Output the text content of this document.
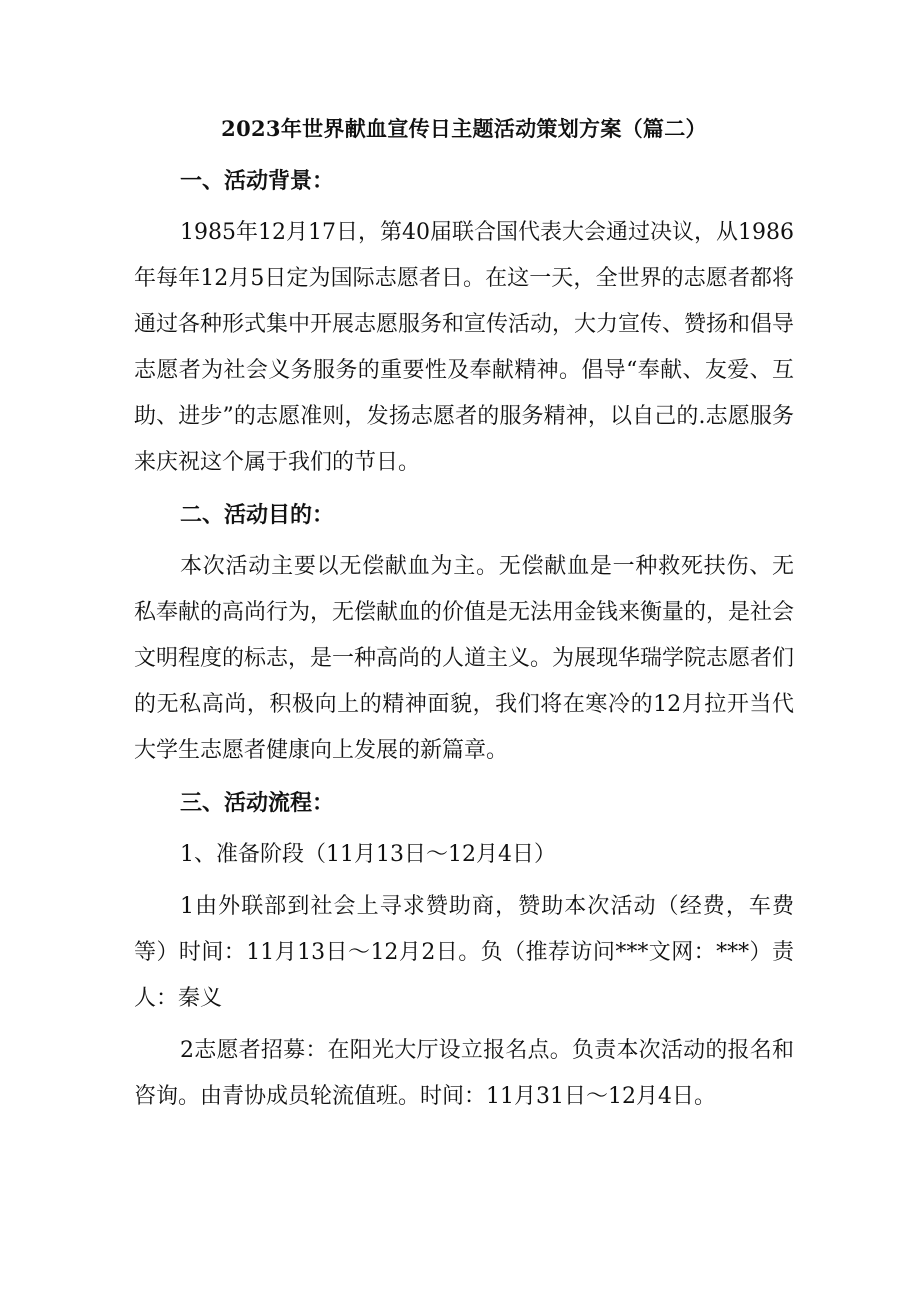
2023年世界献血宣传日主题活动策划方案（篇二）
一、活动背景：
1985年12月17日，第40届联合国代表大会通过决议，从1986年每年12月5日定为国际志愿者日。在这一天，全世界的志愿者都将通过各种形式集中开展志愿服务和宣传活动，大力宣传、赞扬和倡导志愿者为社会义务服务的重要性及奉献精神。倡导“奉献、友爱、互助、进步”的志愿准则，发扬志愿者的服务精神，以自己的.志愿服务来庆祝这个属于我们的节日。
二、活动目的：
本次活动主要以无偿献血为主。无偿献血是一种救死扶伤、无私奉献的高尚行为，无偿献血的价值是无法用金钱来衡量的，是社会文明程度的标志，是一种高尚的人道主义。为展现华瑞学院志愿者们的无私高尚，积极向上的精神面貌，我们将在寒冷的12月拉开当代大学生志愿者健康向上发展的新篇章。
三、活动流程：
1、准备阶段（11月13日～12月4日）
1由外联部到社会上寻求赞助商，赞助本次活动（经费，车费等）时间：11月13日～12月2日。负（推荐访问***文网：***）责人：秦义
2志愿者招募：在阳光大厅设立报名点。负责本次活动的报名和咨询。由青协成员轮流值班。时间：11月31日～12月4日。
